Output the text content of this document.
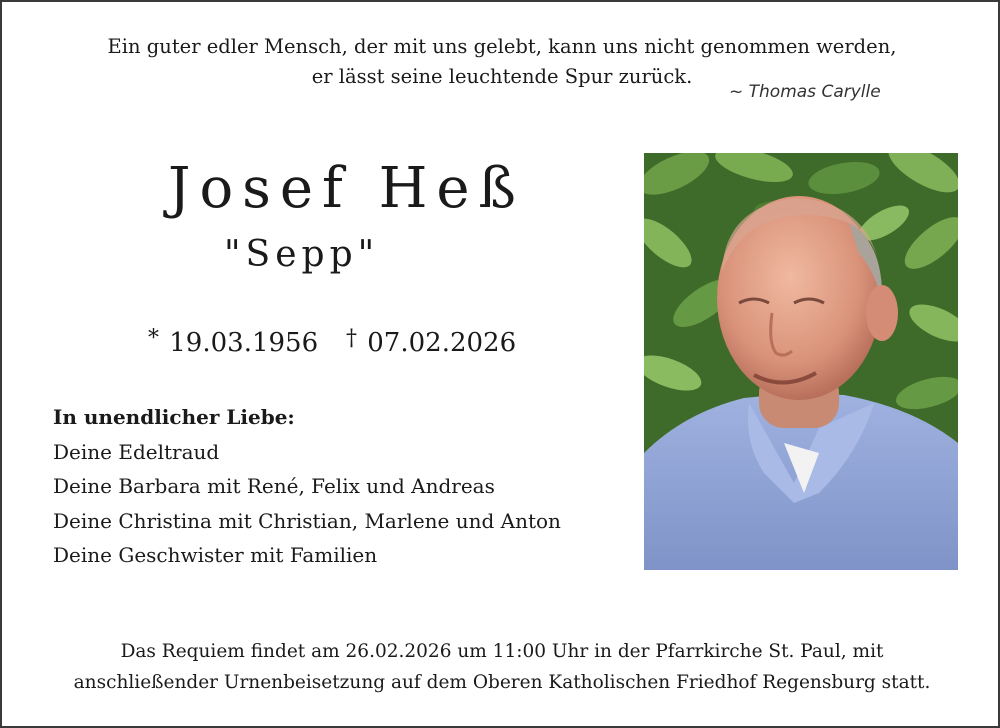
Ein guter edler Mensch, der mit uns gelebt, kann uns nicht genommen werden,
er lässt seine leuchtende Spur zurück.
~ Thomas Carylle
Josef Heß
"Sepp"
* 19.03.1956 † 07.02.2026
In unendlicher Liebe:
Deine Edeltraud
Deine Barbara mit René, Felix und Andreas
Deine Christina mit Christian, Marlene und Anton
Deine Geschwister mit Familien
Das Requiem findet am 26.02.2026 um 11:00 Uhr in der Pfarrkirche St. Paul, mit
anschließender Urnenbeisetzung auf dem Oberen Katholischen Friedhof Regensburg statt.
